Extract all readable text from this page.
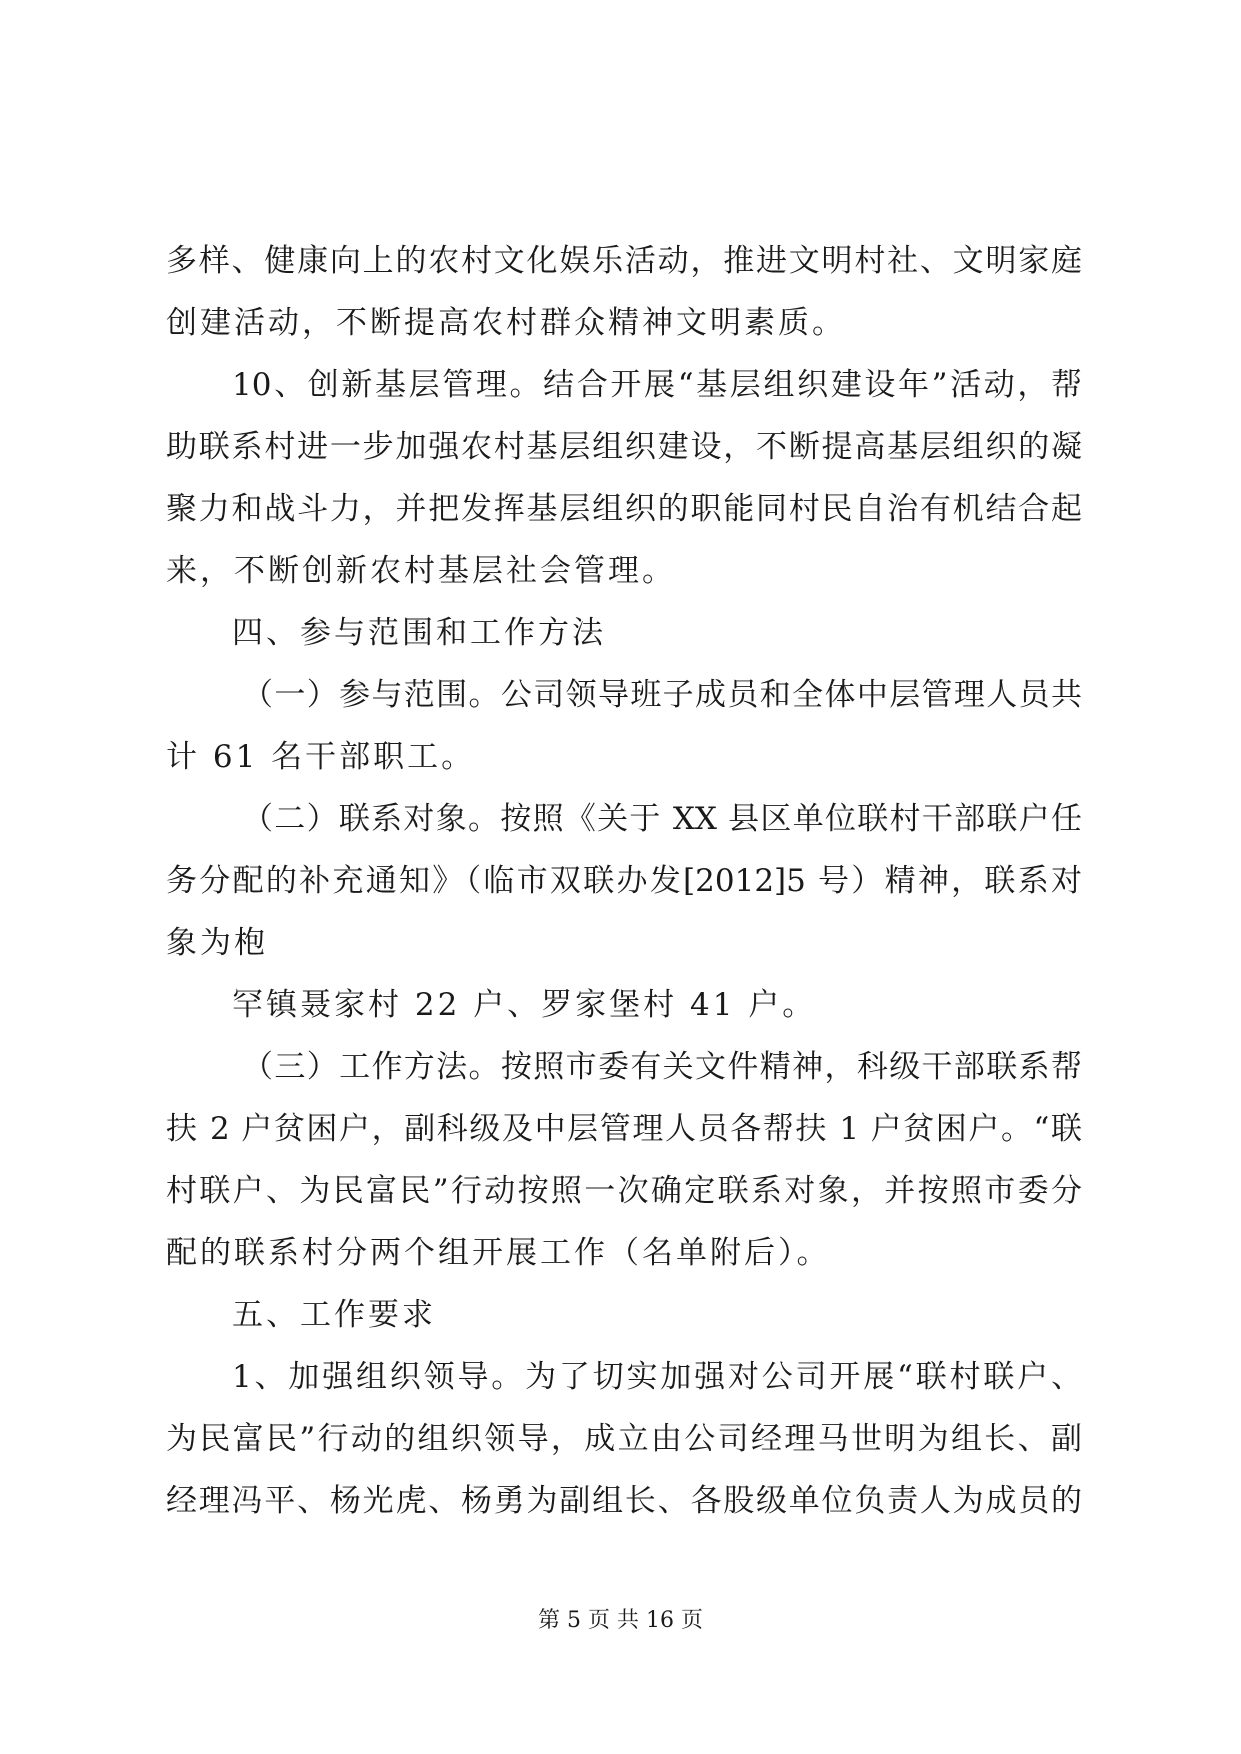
多样、健康向上的农村文化娱乐活动，推进文明村社、文明家庭
创建活动，不断提高农村群众精神文明素质。
10、创新基层管理。结合开展“基层组织建设年”活动，帮
助联系村进一步加强农村基层组织建设，不断提高基层组织的凝
聚力和战斗力，并把发挥基层组织的职能同村民自治有机结合起
来，不断创新农村基层社会管理。
四、参与范围和工作方法
（一）参与范围。公司领导班子成员和全体中层管理人员共
计 61 名干部职工。
（二）联系对象。按照《关于 XX 县区单位联村干部联户任
务分配的补充通知》（临市双联办发[2012]5 号）精神，联系对
象为枹
罕镇聂家村 22 户、罗家堡村 41 户。
（三）工作方法。按照市委有关文件精神，科级干部联系帮
扶 2 户贫困户，副科级及中层管理人员各帮扶 1 户贫困户。“联
村联户、为民富民”行动按照一次确定联系对象，并按照市委分
配的联系村分两个组开展工作（名单附后）。
五、工作要求
1、加强组织领导。为了切实加强对公司开展“联村联户、
为民富民”行动的组织领导，成立由公司经理马世明为组长、副
经理冯平、杨光虎、杨勇为副组长、各股级单位负责人为成员的
第 5 页 共 16 页
